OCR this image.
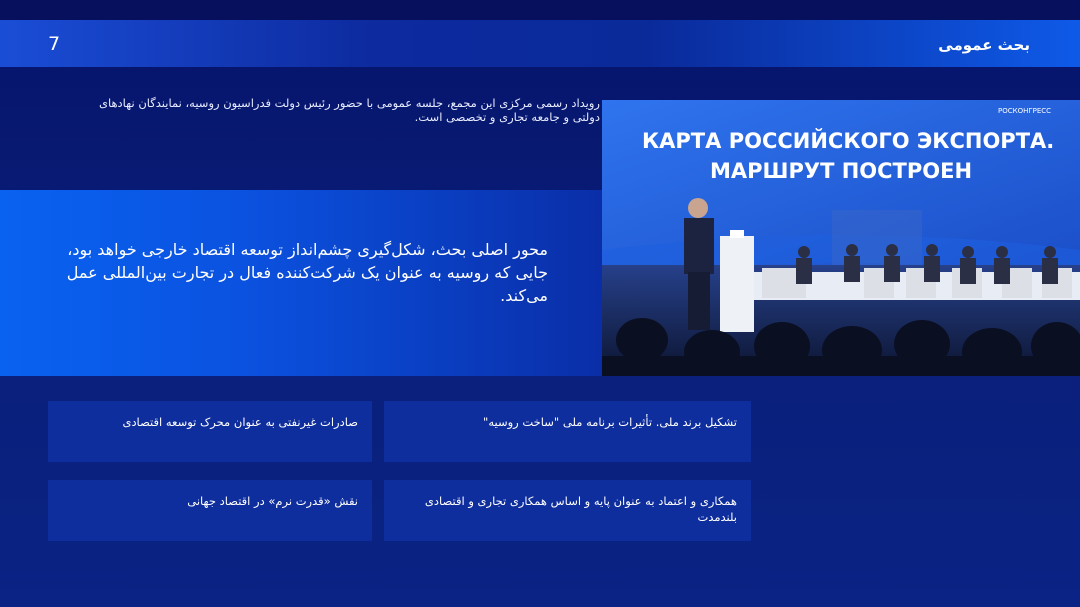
7	بحث عمومی
رویداد رسمی مرکزی این مجمع، جلسه عمومی با حضور رئیس دولت فدراسیون روسیه، نمایندگان نهادهای دولتی و جامعه تجاری و تخصصی است.
محور اصلی بحث، شکل‌گیری چشم‌انداز توسعه اقتصاد خارجی خواهد بود، جایی که روسیه به عنوان یک شرکت‌کننده فعال در تجارت بین‌المللی عمل می‌کند.
КАРТА РОССИЙСКОГО ЭКСПОРТА.
МАРШРУТ ПОСТРОЕН
РОСКОНГРЕСС
تشکیل برند ملی. تأثیرات برنامه ملی "ساخت روسیه"
صادرات غیرنفتی به عنوان محرک توسعه اقتصادی
همکاری و اعتماد به عنوان پایه و اساس همکاری تجاری و اقتصادی بلندمدت
نقش «قدرت نرم» در اقتصاد جهانی
